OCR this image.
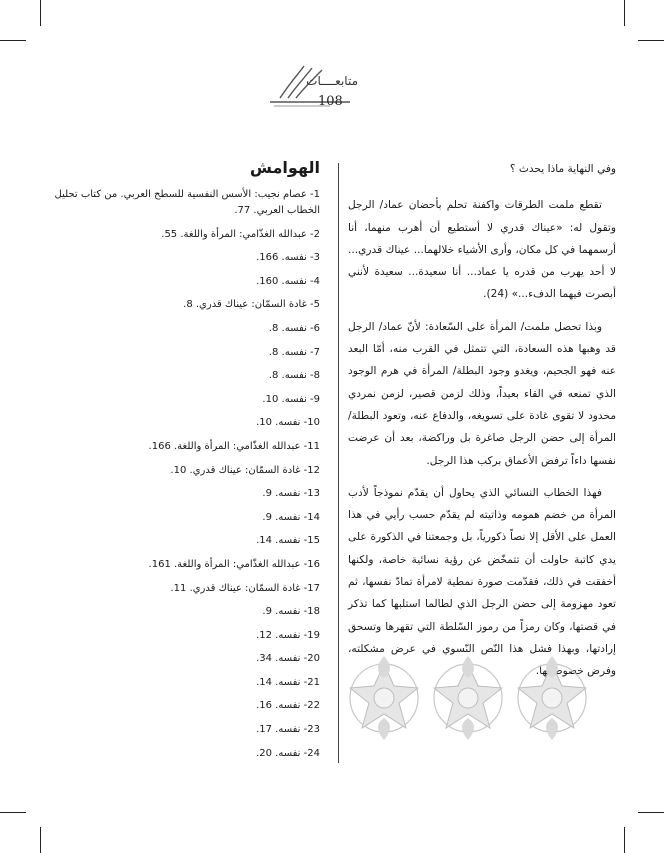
متابعــــات
108

وفي النهاية ماذا يحدث ؟

تقطع ملمت الطرقات واكفنة تحلم بأحضان عماد/ الرجل وتقول له: «عيناك قدري لا أستطيع أن أهرب منهما، أنا أرسمهما في كل مكان، وأرى الأشياء خلالهما... عيناك قدري... لا أحد يهرب من قدره يا عماد... أنا سعيدة... سعيدة لأنني أبصرت فيهما الدفء...» (24).

وبذا تحصل ملمت/ المرأة على السّعادة: لأنّ عماد/ الرجل قد وهبها هذه السعادة، التي تتمثل في القرب منه، أمّا البعد عنه فهو الجحيم، ويغدو وجود البطلة/ المرأة في هرم الوجود الذي تمنعه في القاء بعيداً، وذلك لزمن قصير، لزمن نمردي محدود لا تقوى غادة على تسويغه، والدفاع عنه، وتعود البطلة/ المرأة إلى حضن الرجل صاغرة بل وراكضة، بعد أن عرضت نفسها داءاً ترفض الأعماق بركب هذا الرجل.

فهذا الخطاب النسائي الذي يحاول أن يقدّم نموذجاً لأدب المرأة من خضم همومه وذاتيته لم يقدّم حسب رأيي في هذا العمل على الأقل إلا نصاً ذكورياً، بل وجمعتنا في الذكورة على يدي كاتبة حاولت أن تتمخّض عن رؤية نسائية خاصة، ولكنها أخفقت في ذلك، فقدّمت صورة نمطية لامرأة تمادّ نفسها، ثم تعود مهزومة إلى حضن الرجل الذي لطالما استلبها كما تذكر في قصتها، وكان رمزاً من رموز السّلطة التي تقهرها وتسحق إرادتها، وبهذا فشل هذا النّص النّسوي في عرض مشكلته، وفرض خصوصيتها.

الهوامش
1- عصام نجيب: الأسس النفسية للسطح العربي. من كتاب تحليل الخطاب العربي. 77.
2- عبدالله الغذّامي: المرأة واللغة. 55.
3- نفسه. 166.
4- نفسه. 160.
5- غادة السمّان: عيناك قدري. 8.
6- نفسه. 8.
7- نفسه. 8.
8- نفسه. 8.
9- نفسه. 10.
10- نفسه. 10.
11- عبدالله الغذّامي: المرأة واللغة. 166.
12- غادة السمّان: عيناك قدري. 10.
13- نفسه. 9.
14- نفسه. 9.
15- نفسه. 14.
16- عبدالله الغذّامي: المرأة واللغة. 161.
17- غادة السمّان: عيناك قدري. 11.
18- نفسه. 9.
19- نفسه. 12.
20- نفسه. 34.
21- نفسه. 14.
22- نفسه. 16.
23- نفسه. 17.
24- نفسه. 20.
